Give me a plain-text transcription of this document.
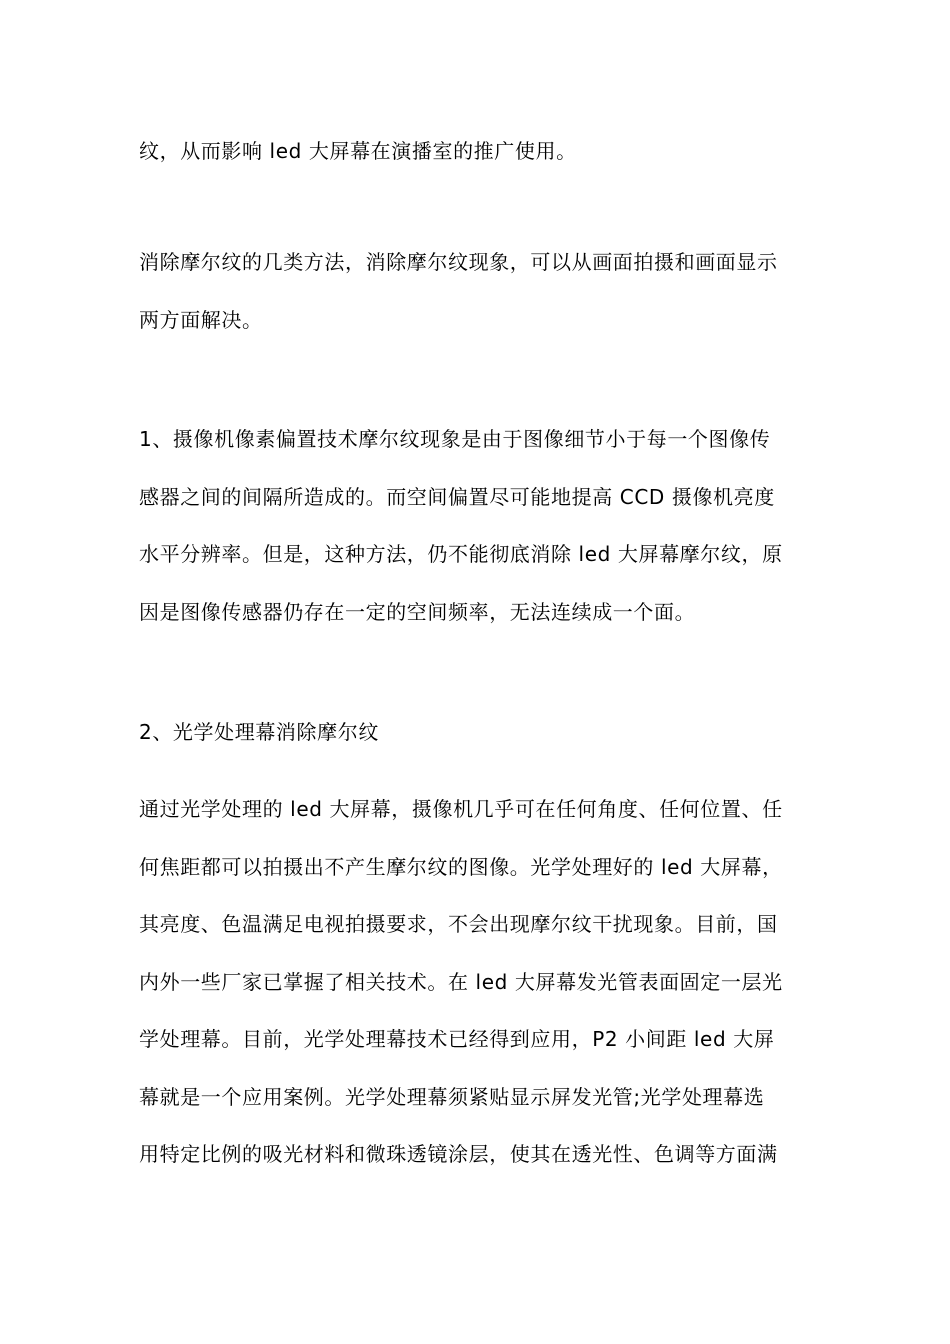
纹，从而影响 led 大屏幕在演播室的推广使用。

消除摩尔纹的几类方法，消除摩尔纹现象，可以从画面拍摄和画面显示
两方面解决。

1、摄像机像素偏置技术摩尔纹现象是由于图像细节小于每一个图像传
感器之间的间隔所造成的。而空间偏置尽可能地提高 CCD 摄像机亮度
水平分辨率。但是，这种方法，仍不能彻底消除 led 大屏幕摩尔纹，原
因是图像传感器仍存在一定的空间频率，无法连续成一个面。

2、光学处理幕消除摩尔纹

通过光学处理的 led 大屏幕，摄像机几乎可在任何角度、任何位置、任
何焦距都可以拍摄出不产生摩尔纹的图像。光学处理好的 led 大屏幕，
其亮度、色温满足电视拍摄要求，不会出现摩尔纹干扰现象。目前，国
内外一些厂家已掌握了相关技术。在 led 大屏幕发光管表面固定一层光
学处理幕。目前，光学处理幕技术已经得到应用，P2 小间距 led 大屏
幕就是一个应用案例。光学处理幕须紧贴显示屏发光管;光学处理幕选
用特定比例的吸光材料和微珠透镜涂层，使其在透光性、色调等方面满
